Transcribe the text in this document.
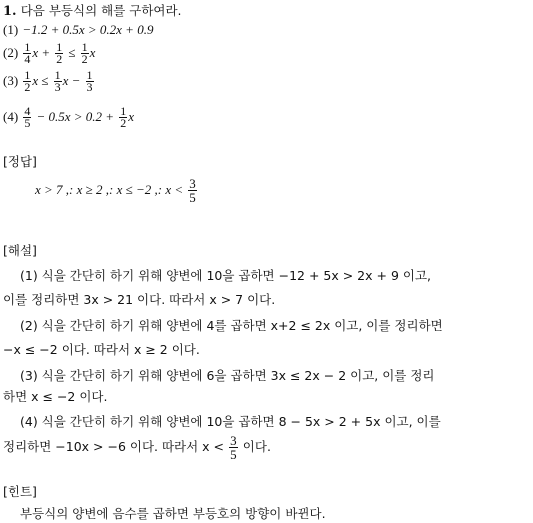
1. 다음 부등식의 해를 구하여라.
(1) −1.2 + 0.5x > 0.2x + 0.9
$(2) \frac{1}{4}$ $x + \frac{1}{2} \le \frac{1}{2}$ x
$(3) \frac{1}{2}$ $x \le \frac{1}{3}$ $x - \frac{1}{3}$
$(4) \frac{4}{5} - 0.5x > 0.2 + \frac{1}{2}$ x
[정답]
x > 7 ,: x ≥ 2 ,: x ≤ −2 ,: $x < \frac{3}{5}$
[해설]
(1) 식을 간단히 하기 위해 양변에 10을 곱하면 −12 + 5x > 2x + 9 이고,
이를 정리하면 3x > 21 이다. 따라서 x > 7 이다.
(2) 식을 간단히 하기 위해 양변에 4를 곱하면 x+2 ≤ 2x 이고, 이를 정리하면
−x ≤ −2 이다. 따라서 x ≥ 2 이다.
(3) 식을 간단히 하기 위해 양변에 6을 곱하면 3x ≤ 2x − 2 이고, 이를 정리
하면 x ≤ −2 이다.
(4) 식을 간단히 하기 위해 양변에 10을 곱하면 8 − 5x > 2 + 5x 이고, 이를
정리하면 −10x > −6 이다. 따라서 $x < \frac{3}{5}$ 이다.
[힌트]
부등식의 양변에 음수를 곱하면 부등호의 방향이 바뀐다.
